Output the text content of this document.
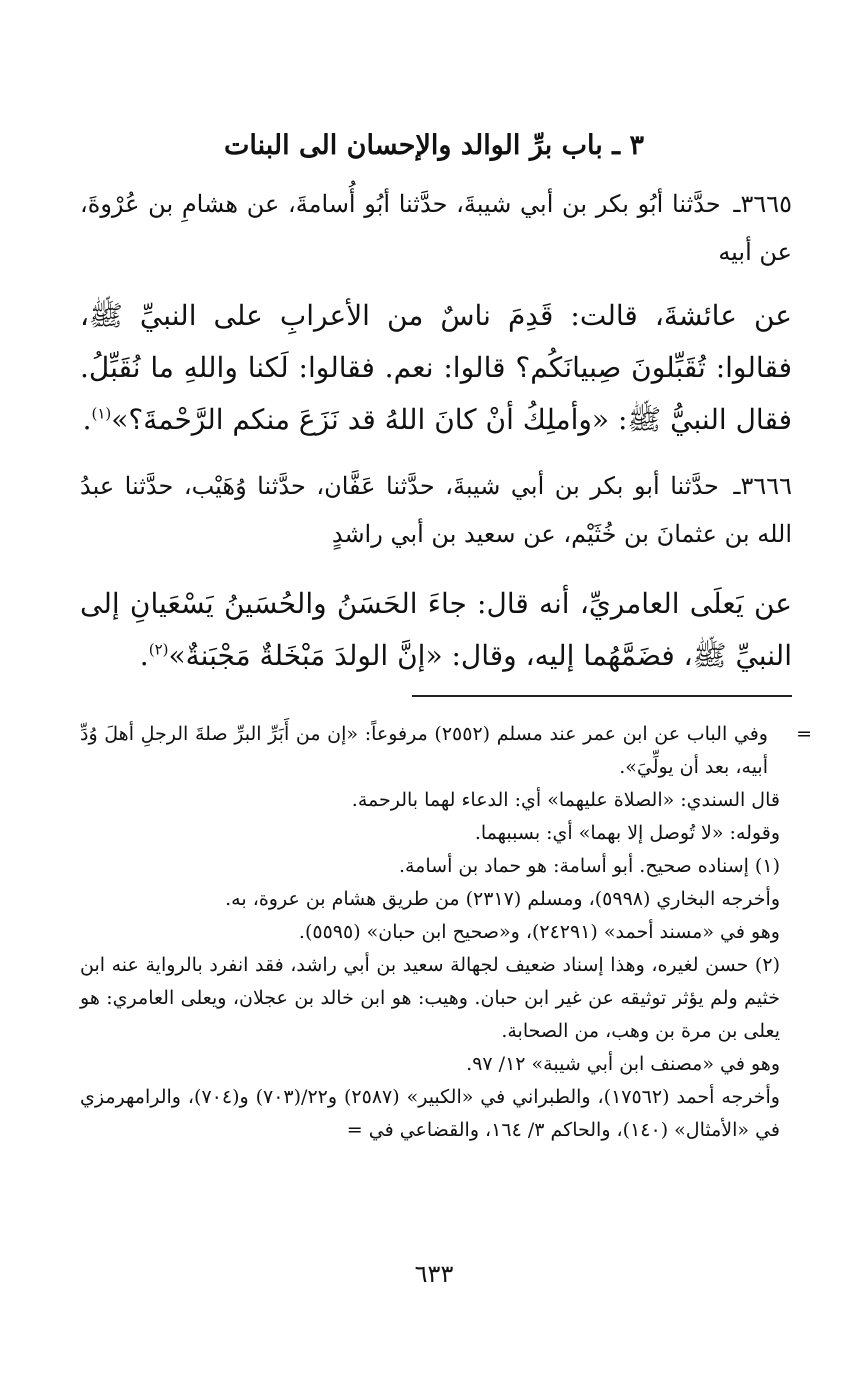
٣ ـ باب برِّ الوالد والإحسان الى البنات

٣٦٦٥ـ حدَّثنا أبُو بكر بن أبي شيبةَ، حدَّثنا أبُو أُسامةَ، عن هشامِ بن عُرْوةَ، عن أبيه

عن عائشةَ، قالت: قَدِمَ ناسٌ من الأعرابِ على النبيِّ ﷺ، فقالوا: تُقَبِّلونَ صِبيانَكُم؟ قالوا: نعم. فقالوا: لَكنا واللهِ ما نُقَبِّلُ. فقال النبيُّ ﷺ: «وأملِكُ أنْ كانَ اللهُ قد نَزَعَ منكم الرَّحْمةَ؟»$^{(١)}$.

٣٦٦٦ـ حدَّثنا أبو بكر بن أبي شيبةَ، حدَّثنا عَفَّان، حدَّثنا وُهَيْب، حدَّثنا عبدُ الله بن عثمانَ بن خُثَيْم، عن سعيد بن أبي راشدٍ

عن يَعلَى العامريِّ، أنه قال: جاءَ الحَسَنُ والحُسَينُ يَسْعَيانِ إلى النبيِّ ﷺ، فضَمَّهُما إليه، وقال: «إنَّ الولدَ مَبْخَلةٌ مَجْبَنةٌ»$^{(٢)}$.

=
وفي الباب عن ابن عمر عند مسلم (٢٥٥٢) مرفوعاً: «إن من أَبَرِّ البرِّ صلةَ الرجلِ أهلَ وُدِّ أبيه، بعد أن يولِّيَ».

قال السندي: «الصلاة عليهما» أي: الدعاء لهما بالرحمة.

وقوله: «لا تُوصل إلا بهما» أي: بسببهما.

(١) إسناده صحيح. أبو أسامة: هو حماد بن أسامة.

وأخرجه البخاري (٥٩٩٨)، ومسلم (٢٣١٧) من طريق هشام بن عروة، به.

وهو في «مسند أحمد» (٢٤٢٩١)، و«صحيح ابن حبان» (٥٥٩٥).

(٢) حسن لغيره، وهذا إسناد ضعيف لجهالة سعيد بن أبي راشد، فقد انفرد بالرواية عنه ابن خثيم ولم يؤثر توثيقه عن غير ابن حبان. وهيب: هو ابن خالد بن عجلان، ويعلى العامري: هو يعلى بن مرة بن وهب، من الصحابة.

وهو في «مصنف ابن أبي شيبة» ١٢/ ٩٧.

وأخرجه أحمد (١٧٥٦٢)، والطبراني في «الكبير» (٢٥٨٧) و٢٢/(٧٠٣) و(٧٠٤)، والرامهرمزي في «الأمثال» (١٤٠)، والحاكم ٣/ ١٦٤، والقضاعي في =

٦٣٣
